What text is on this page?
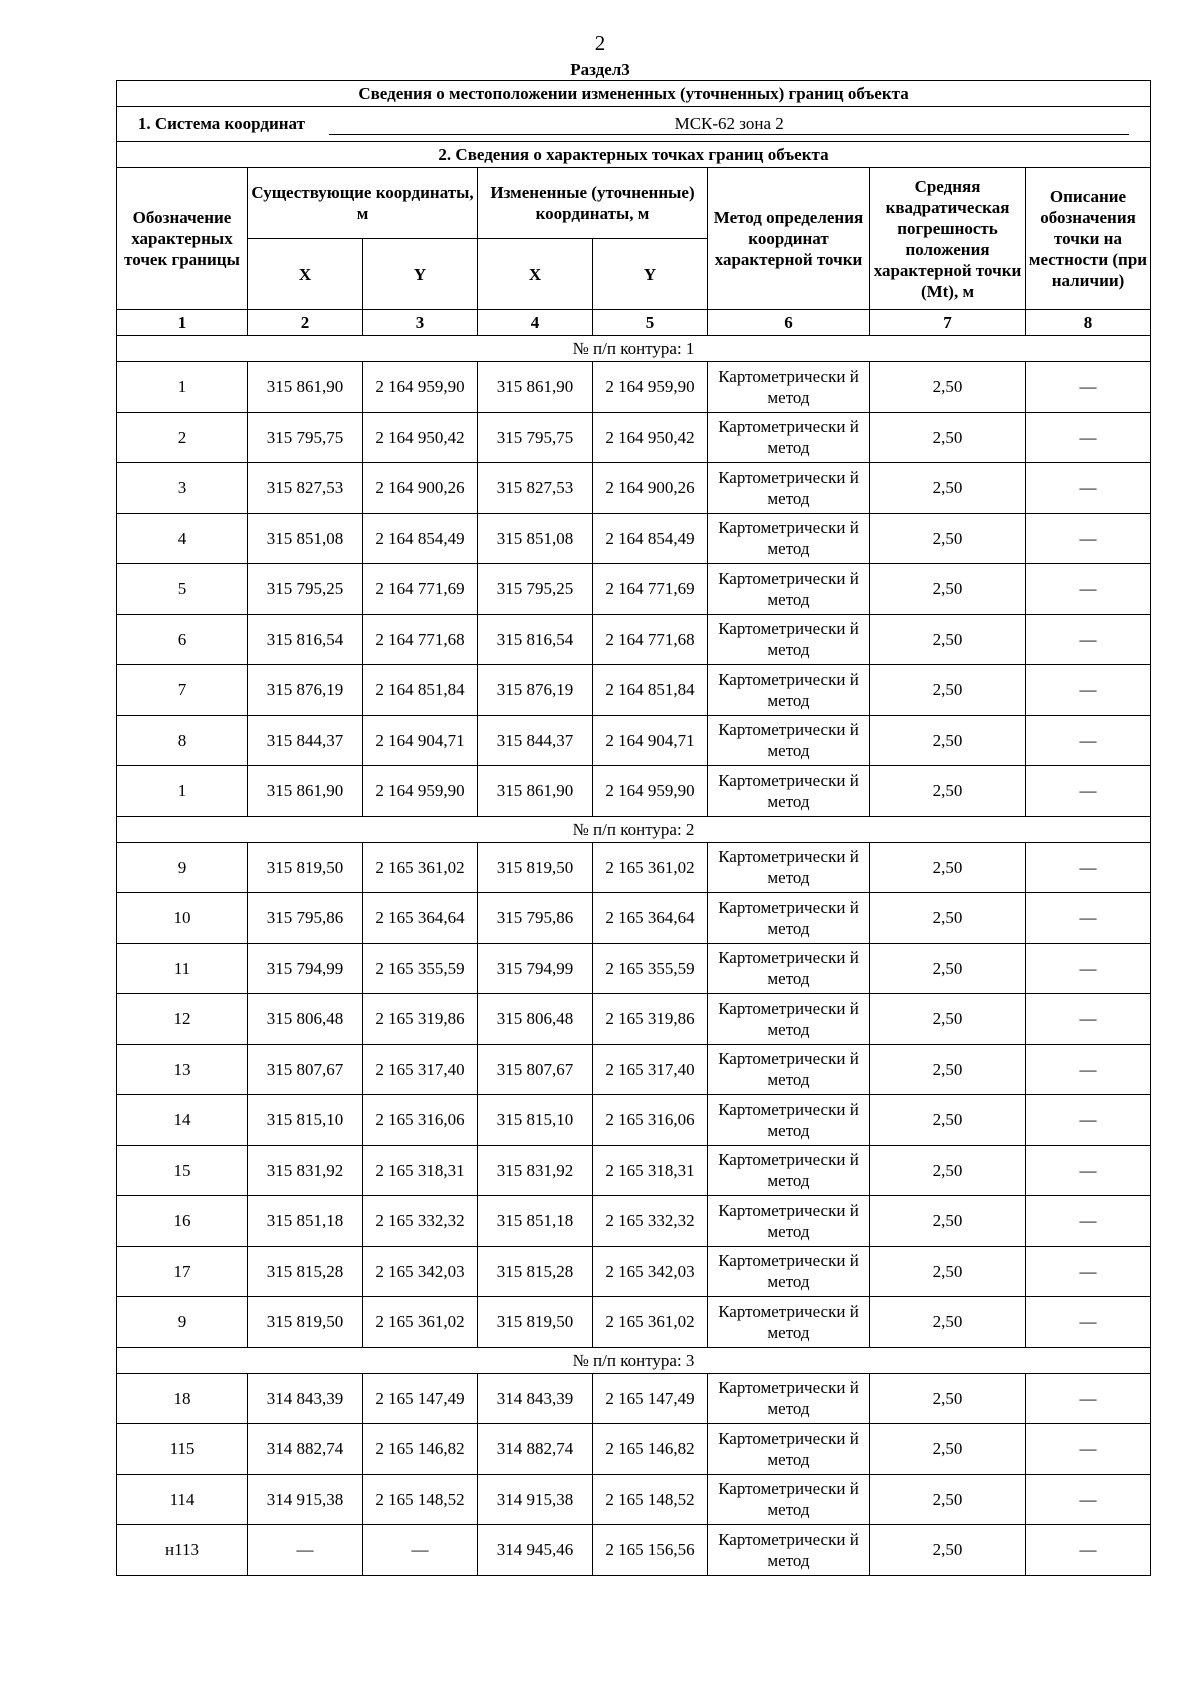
2
Раздел3
Сведения о местоположении измененных (уточненных) границ объекта							
1. Система координат МСК-62 зона 2							
2. Сведения о характерных точках границ объекта							
Обозначение характерных точек границы	Существующие координаты, м		Измененные (уточненные) координаты, м		Метод определения координат характерной точки	Средняя квадратическая погрешность положения характерной точки (Mt), м	Описание обозначения точки на местности (при наличии)
	X	Y	X	Y			
1	2	3	4	5	6	7	8
№ п/п контура: 1							
1	315 861,90	2 164 959,90	315 861,90	2 164 959,90	Картометрически й метод	2,50	—
2	315 795,75	2 164 950,42	315 795,75	2 164 950,42	Картометрически й метод	2,50	—
3	315 827,53	2 164 900,26	315 827,53	2 164 900,26	Картометрически й метод	2,50	—
4	315 851,08	2 164 854,49	315 851,08	2 164 854,49	Картометрически й метод	2,50	—
5	315 795,25	2 164 771,69	315 795,25	2 164 771,69	Картометрически й метод	2,50	—
6	315 816,54	2 164 771,68	315 816,54	2 164 771,68	Картометрически й метод	2,50	—
7	315 876,19	2 164 851,84	315 876,19	2 164 851,84	Картометрически й метод	2,50	—
8	315 844,37	2 164 904,71	315 844,37	2 164 904,71	Картометрически й метод	2,50	—
1	315 861,90	2 164 959,90	315 861,90	2 164 959,90	Картометрически й метод	2,50	—
№ п/п контура: 2							
9	315 819,50	2 165 361,02	315 819,50	2 165 361,02	Картометрически й метод	2,50	—
10	315 795,86	2 165 364,64	315 795,86	2 165 364,64	Картометрически й метод	2,50	—
11	315 794,99	2 165 355,59	315 794,99	2 165 355,59	Картометрически й метод	2,50	—
12	315 806,48	2 165 319,86	315 806,48	2 165 319,86	Картометрически й метод	2,50	—
13	315 807,67	2 165 317,40	315 807,67	2 165 317,40	Картометрически й метод	2,50	—
14	315 815,10	2 165 316,06	315 815,10	2 165 316,06	Картометрически й метод	2,50	—
15	315 831,92	2 165 318,31	315 831,92	2 165 318,31	Картометрически й метод	2,50	—
16	315 851,18	2 165 332,32	315 851,18	2 165 332,32	Картометрически й метод	2,50	—
17	315 815,28	2 165 342,03	315 815,28	2 165 342,03	Картометрически й метод	2,50	—
9	315 819,50	2 165 361,02	315 819,50	2 165 361,02	Картометрически й метод	2,50	—
№ п/п контура: 3							
18	314 843,39	2 165 147,49	314 843,39	2 165 147,49	Картометрически й метод	2,50	—
115	314 882,74	2 165 146,82	314 882,74	2 165 146,82	Картометрически й метод	2,50	—
114	314 915,38	2 165 148,52	314 915,38	2 165 148,52	Картометрически й метод	2,50	—
н113	—	—	314 945,46	2 165 156,56	Картометрически й метод	2,50	—
